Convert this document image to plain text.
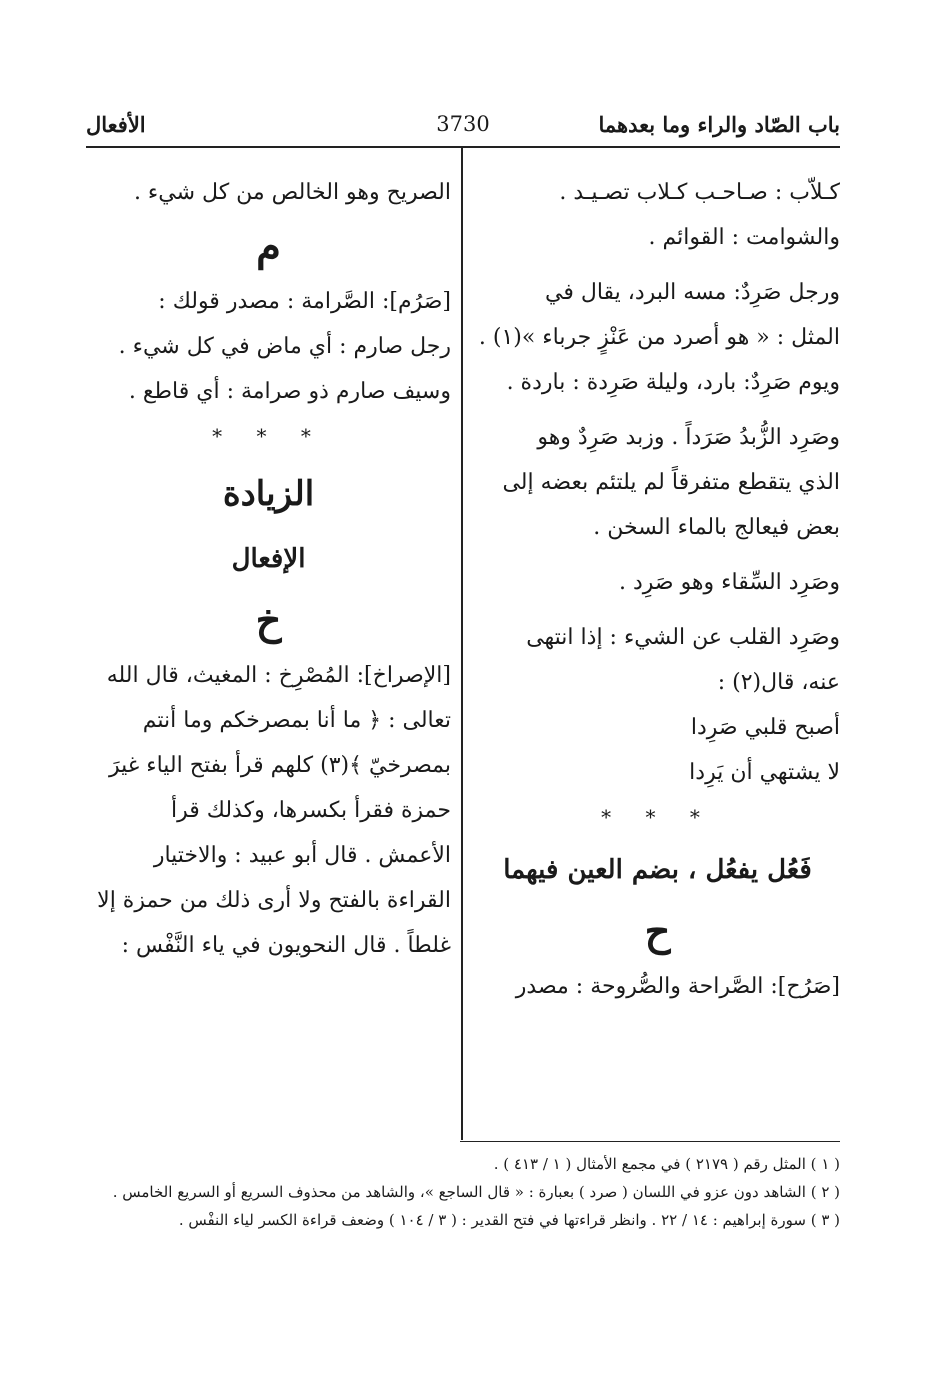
باب الصّاد والراء وما بعدهما
3730
الأفعال
كـلاّب : صـاحـب كـلاب تصـيـد .
والشوامت : القوائم .
ورجل صَرِدٌ: مسه البرد، يقال في
المثل : « هو أصرد من عَنْزٍ جرباء »(١) .
ويوم صَرِدٌ: بارد، وليلة صَرِدة : باردة .
وصَرِد الزُّبدُ صَرَداً . وزبد صَرِدٌ وهو
الذي يتقطع متفرقاً لم يلتئم بعضه إلى
بعض فيعالج بالماء السخن .
وصَرِد السِّقاء وهو صَرِد .
وصَرِد القلب عن الشيء : إذا انتهى
عنه، قال(٢) :
أصبح قلبي صَرِدا
لا يشتهي أن يَرِدا
* * *
فَعُل يفعُل ، بضم العين فيهما
ح
[صَرُح]: الصَّراحة والصُّروحة : مصدر
الصريح وهو الخالص من كل شيء .
م
[صَرُم]: الصَّرامة : مصدر قولك :
رجل صارم : أي ماض في كل شيء .
وسيف صارم ذو صرامة : أي قاطع .
* * *
الزيادة
الإفعال
خ
[الإصراخ]: المُصْرِخ : المغيث، قال الله
تعالى : ﴿ ما أنا بمصرخكم وما أنتم
بمصرخيّ ﴾(٣) كلهم قرأ بفتح الياء غيرَ
حمزة فقرأ بكسرها، وكذلك قرأ
الأعمش . قال أبو عبيد : والاختيار
القراءة بالفتح ولا أرى ذلك من حمزة إلا
غلطاً . قال النحويون في ياء النَّفْس :
( ١ ) المثل رقم ( ٢١٧٩ ) في مجمع الأمثال ( ١ / ٤١٣ ) .
( ٢ ) الشاهد دون عزو في اللسان ( صرد ) بعبارة : « قال الساجع »، والشاهد من محذوف السريع أو السريع الخامس .
( ٣ ) سورة إبراهيم : ١٤ / ٢٢ . وانظر قراءتها في فتح القدير : ( ٣ / ١٠٤ ) وضعف قراءة الكسر لياء النفْس .
